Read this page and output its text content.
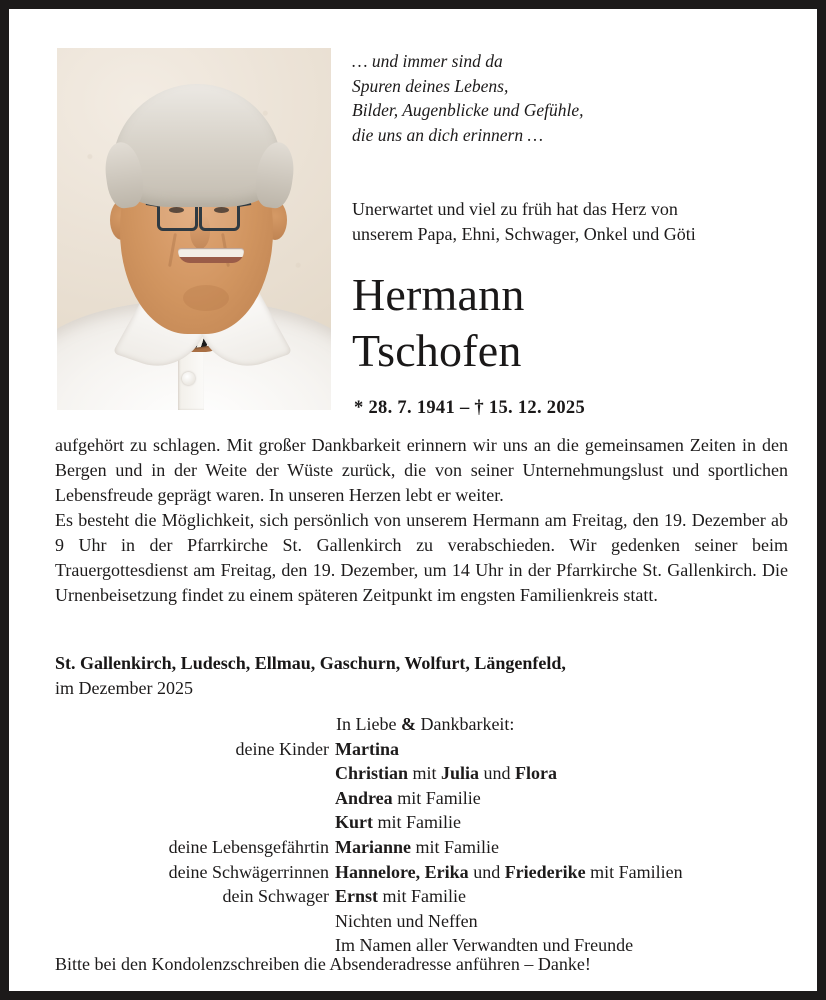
… und immer sind da
Spuren deines Lebens,
Bilder, Augenblicke und Gefühle,
die uns an dich erinnern …
Unerwartet und viel zu früh hat das Herz von
unserem Papa, Ehni, Schwager, Onkel und Göti
Hermann
Tschofen
* 28. 7. 1941 – † 15. 12. 2025
aufgehört zu schlagen. Mit großer Dankbarkeit erinnern wir uns an die gemeinsamen Zeiten in den Bergen und in der Weite der Wüste zurück, die von seiner Unternehmungslust und sportlichen Lebensfreude geprägt waren. In unseren Herzen lebt er weiter.
Es besteht die Möglichkeit, sich persönlich von unserem Hermann am Freitag, den 19. Dezember ab 9 Uhr in der Pfarrkirche St. Gallenkirch zu verabschieden. Wir gedenken seiner beim Trauergottesdienst am Freitag, den 19. Dezember, um 14 Uhr in der Pfarrkirche St. Gallenkirch. Die Urnenbeisetzung findet zu einem späteren Zeitpunkt im engsten Familienkreis statt.
St. Gallenkirch, Ludesch, Ellmau, Gaschurn, Wolfurt, Längenfeld,
im Dezember 2025
In Liebe & Dankbarkeit:
deine Kinder Martina
Christian mit Julia und Flora
Andrea mit Familie
Kurt mit Familie
deine Lebensgefährtin Marianne mit Familie
deine Schwägerrinnen Hannelore, Erika und Friederike mit Familien
dein Schwager Ernst mit Familie
Nichten und Neffen
Im Namen aller Verwandten und Freunde
Bitte bei den Kondolenzschreiben die Absenderadresse anführen – Danke!
